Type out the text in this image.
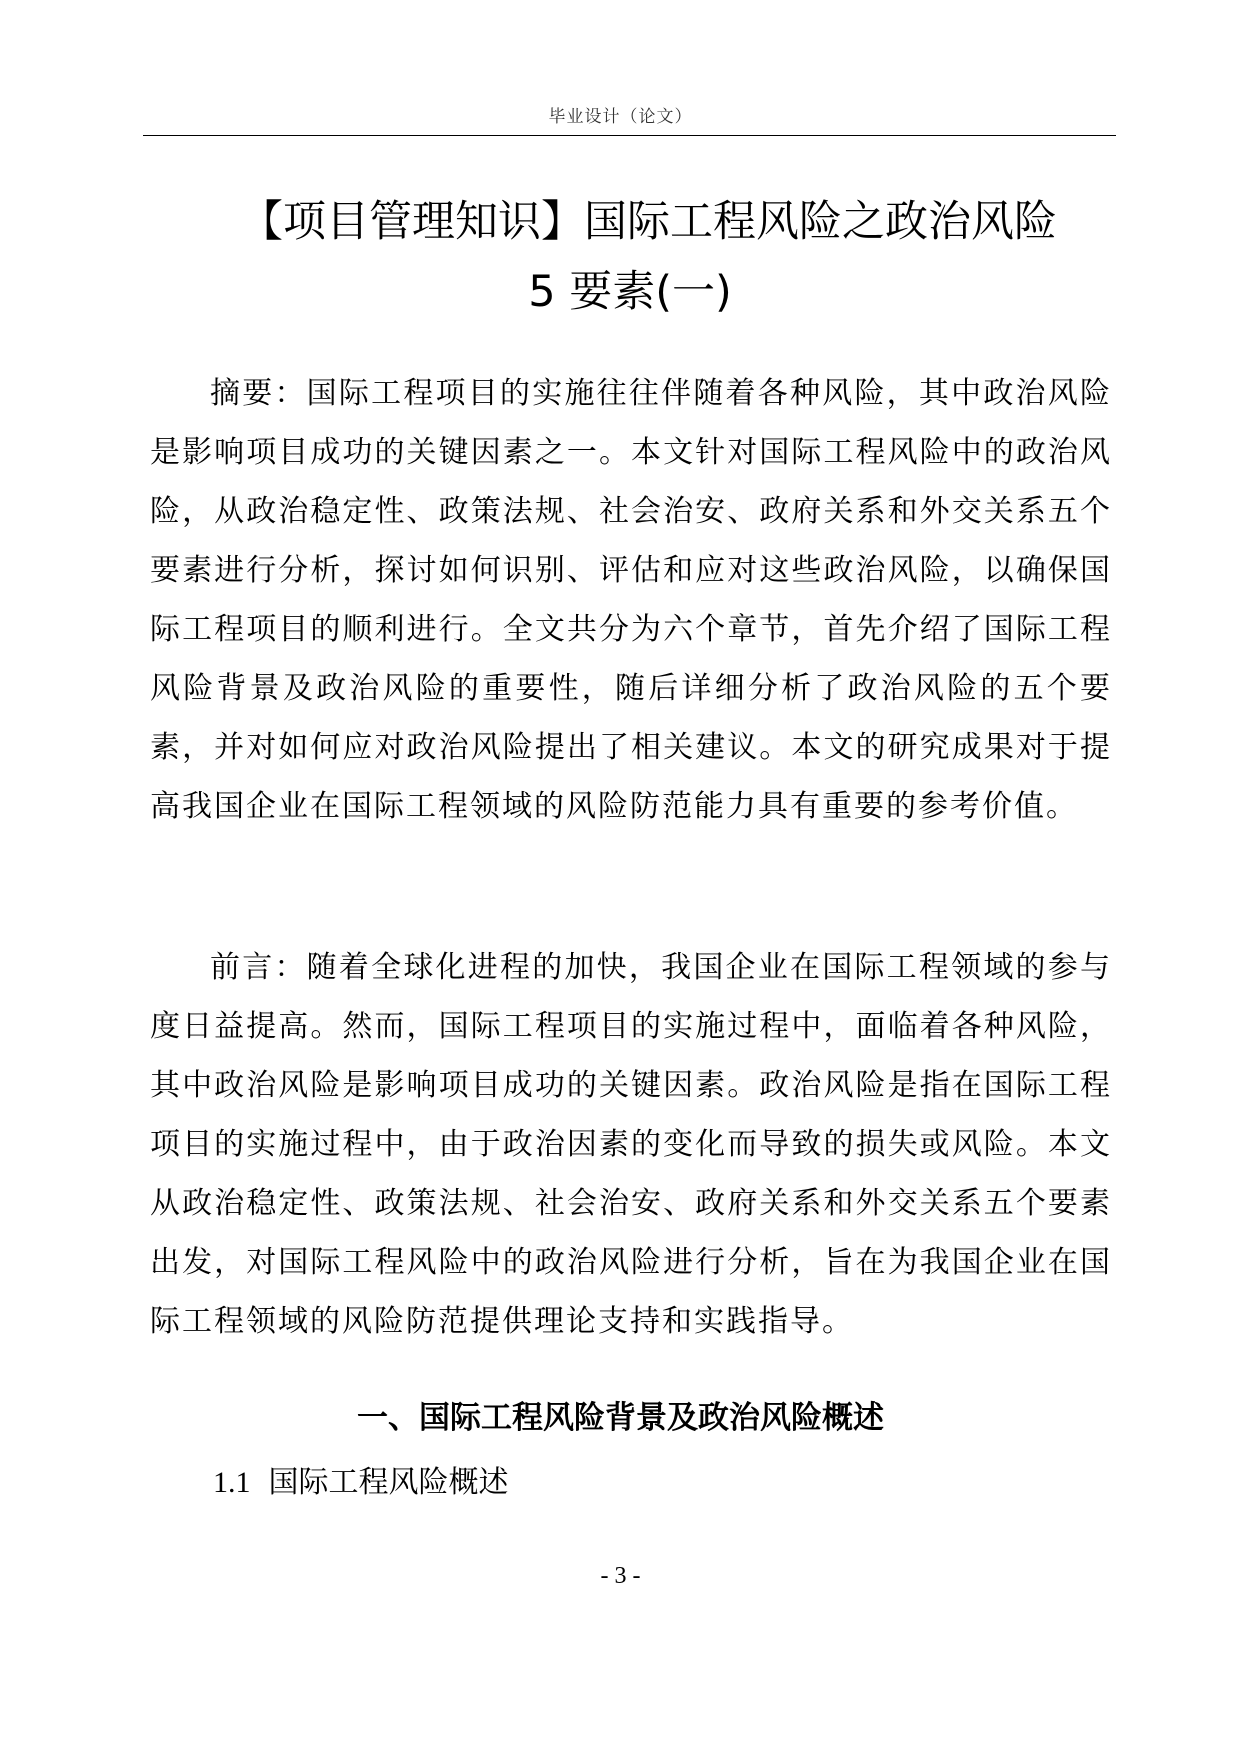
毕业设计（论文）
【项目管理知识】国际工程风险之政治风险
5 要素(一)

摘要：国际工程项目的实施往往伴随着各种风险，其中政治风险是影响项目成功的关键因素之一。本文针对国际工程风险中的政治风险，从政治稳定性、政策法规、社会治安、政府关系和外交关系五个要素进行分析，探讨如何识别、评估和应对这些政治风险，以确保国际工程项目的顺利进行。全文共分为六个章节，首先介绍了国际工程风险背景及政治风险的重要性，随后详细分析了政治风险的五个要素，并对如何应对政治风险提出了相关建议。本文的研究成果对于提高我国企业在国际工程领域的风险防范能力具有重要的参考价值。

前言：随着全球化进程的加快，我国企业在国际工程领域的参与度日益提高。然而，国际工程项目的实施过程中，面临着各种风险，其中政治风险是影响项目成功的关键因素。政治风险是指在国际工程项目的实施过程中，由于政治因素的变化而导致的损失或风险。本文从政治稳定性、政策法规、社会治安、政府关系和外交关系五个要素出发，对国际工程风险中的政治风险进行分析，旨在为我国企业在国际工程领域的风险防范提供理论支持和实践指导。

一、国际工程风险背景及政治风险概述
1.1 国际工程风险概述
- 3 -
